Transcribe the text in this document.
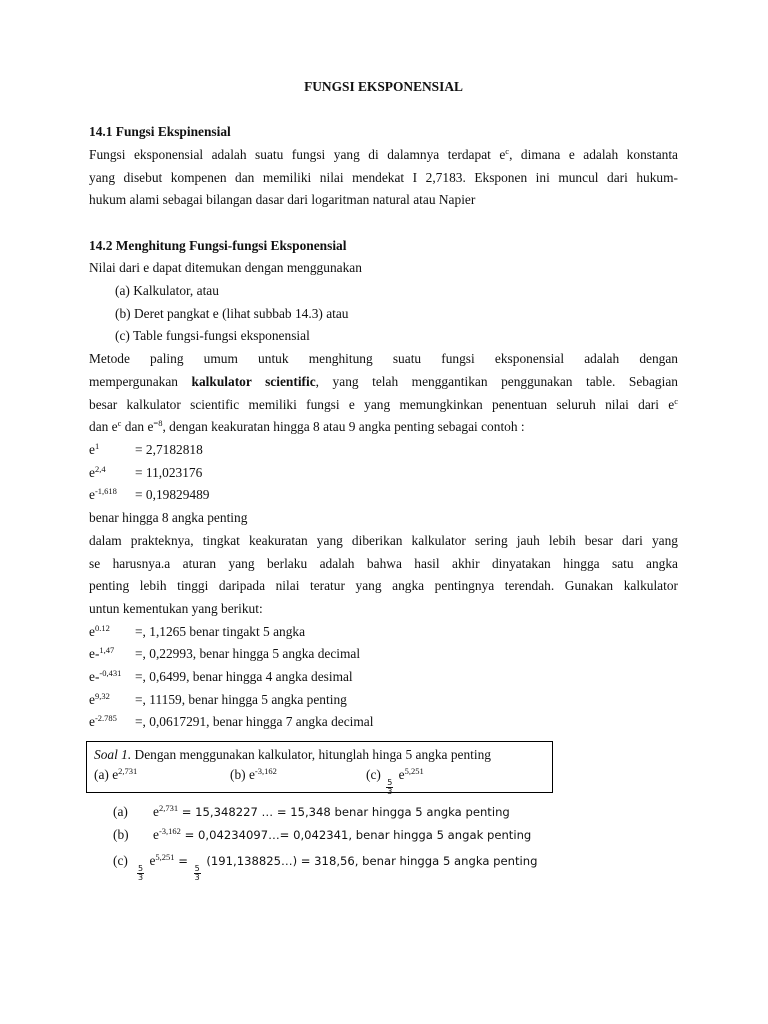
FUNGSI EKSPONENSIAL
14.1 Fungsi Ekspinensial
Fungsi eksponensial adalah suatu fungsi yang di dalamnya terdapat $e^c$, dimana e adalah konstanta
yang disebut kompenen dan memiliki nilai mendekat I 2,7183. Eksponen ini muncul dari hukum-
hukum alami sebagai bilangan dasar dari logaritman natural atau Napier
14.2 Menghitung Fungsi-fungsi Eksponensial
Nilai dari e dapat ditemukan dengan menggunakan
(a) Kalkulator, atau
(b) Deret pangkat e (lihat subbab 14.3) atau
(c) Table fungsi-fungsi eksponensial
Metode paling umum untuk menghitung suatu fungsi eksponensial adalah dengan
mempergunakan kalkulator scientific, yang telah menggantikan penggunakan table. Sebagian
besar kalkulator scientific memiliki fungsi e yang memungkinkan penentuan seluruh nilai dari $e^c$
dan $e^c$ dan $e^{=8}$, dengan keakuratan hingga 8 atau 9 angka penting sebagai contoh :
$e^1$	= 2,7182818
$e^{2,4} = 11,023176$
$e^{-1,618} = 0,19829489$
benar hingga 8 angka penting
dalam prakteknya, tingkat keakuratan yang diberikan kalkulator sering jauh lebih besar dari yang
se harusnya.a aturan yang berlaku adalah bahwa hasil akhir dinyatakan hingga satu angka
penting lebih tinggi daripada nilai teratur yang angka pentingnya terendah. Gunakan kalkulator
untun kementukan yang berikut:
$e^{0.12}$ =, 1,1265 benar tingakt 5 angka
e-$^{1,47}$ =, 0,22993, benar hingga 5 angka decimal
e-$^{-0,431}$ =, 0,6499, benar hingga 4 angka desimal
$e^{9,32}$ =, 11159, benar hingga 5 angka penting
$e^{-2.785}$ =, 0,0617291, benar hingga 7 angka decimal
Soal 1. Dengan menggunakan kalkulator, hitunglah hinga 5 angka penting
(a) $e^{2,731}$	(b) $e^{-3,162}$	(c)
$\frac{5}{3}$
$e^{5,251}$
(a) $e^{2,731} = 15,348227$ … = 15,348 benar hingga 5 angka penting
(b) $e^{-3,162}$ = 0,04234097…= 0,042341, benar hingga 5 angak penting
(c)
$\frac{5}{3}$
$e^{5,251}$ =
$\frac{5}{3}$
(191,138825…) = 318,56, benar hingga 5 angka penting
